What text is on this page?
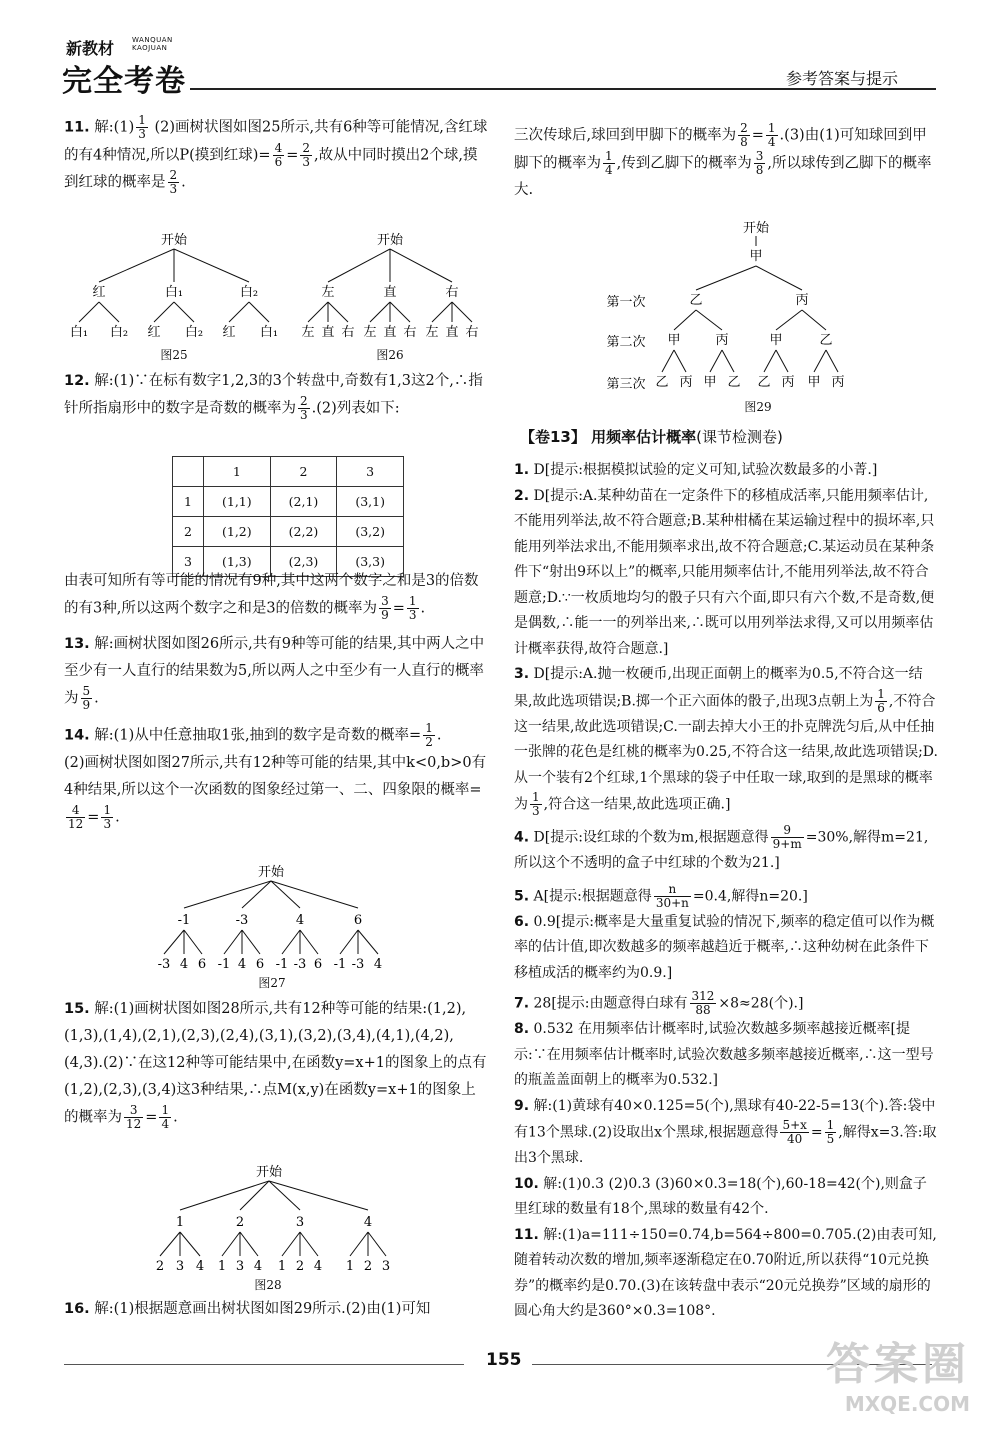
新教材	WANQUAN KAOJUAN
完全考卷	参考答案与提示

11. 解:(1) $\frac{1}{3} (2)$画树状图如图25所示,共有6种等可能情况,含红球的有4种情况,所以P(摸到红球)= $\frac{4}{6} = \frac{2}{3}$ ,故从中同时摸出2个球,摸到红球的概率是 $\frac{2}{3}$ .

开始
红	白₁	白₂
白₁ 白₂ 红 白₂ 红 白₁
图25
开始
左	直	右
左 直 右 左 直 右 左 直 右
图26

12. 解:(1)∵在标有数字1,2,3的3个转盘中,奇数有1,3这2个,∴指针所指扇形中的数字是奇数的概率为 $\frac{2}{3} .(2)$列表如下:

	1	2	3
1	(1,1)	(2,1)	(3,1)
2	(1,2)	(2,2)	(3,2)
3	(1,3)	(2,3)	(3,3)

由表可知所有等可能的情况有9种,其中这两个数字之和是3的倍数的有3种,所以这两个数字之和是3的倍数的概率为 $\frac{3}{9} = \frac{1}{3}$ .

13. 解:画树状图如图26所示,共有9种等可能的结果,其中两人之中至少有一人直行的结果数为5,所以两人之中至少有一人直行的概率为 $\frac{5}{9}$ .

14. 解:(1)从中任意抽取1张,抽到的数字是奇数的概率= $\frac{1}{2}$ .

(2)画树状图如图27所示,共有12种等可能的结果,其中k<0,b>0有4种结果,所以这个一次函数的图象经过第一、二、四象限的概率=
$\frac{4}{12} = \frac{1}{3}$ .

开始
-1	-3	4	6
-3 4 6 -1 4 6 -1 -3 6 -1 -3 4
图27

15. 解:(1)画树状图如图28所示,共有12种等可能的结果:(1,2),(1,3),(1,4),(2,1),(2,3),(2,4),(3,1),(3,2),(3,4),(4,1),(4,2),(4,3).(2)∵在这12种等可能结果中,在函数y=x+1的图象上的点有(1,2),(2,3),(3,4)这3种结果,∴点M(x,y)在函数y=x+1的图象上的概率为 $\frac{3}{12} = \frac{1}{4}$ .

开始
1	2	3	4
2 3 4 1 3 4 1 2 4 1 2 3
图28

16. 解:(1)根据题意画出树状图如图29所示.(2)由(1)可知

三次传球后,球回到甲脚下的概率为 $\frac{2}{8} = \frac{1}{4} .(3)$由(1)可知球回到甲脚下的概率为 $\frac{1}{4}$ ,传到乙脚下的概率为 $\frac{3}{8}$ ,所以球传到乙脚下的概率大.

开始
甲
第一次	乙	丙
第二次 甲	丙	甲	乙
第三次 乙 丙 甲 乙 乙 丙 甲 丙
图29
【卷13】 用频率估计概率(课节检测卷)

1. D[提示:根据模拟试验的定义可知,试验次数最多的小菁.]

2. D[提示:A.某种幼苗在一定条件下的移植成活率,只能用频率估计,不能用列举法,故不符合题意;B.某种柑橘在某运输过程中的损坏率,只能用列举法求出,不能用频率求出,故不符合题意;C.某运动员在某种条件下“射出9环以上”的概率,只能用频率估计,不能用列举法,故不符合题意;D.∵一枚质地均匀的骰子只有六个面,即只有六个数,不是奇数,便是偶数,∴能一一的列举出来,∴既可以用列举法求得,又可以用频率估计概率获得,故符合题意.]

3. D[提示:A.抛一枚硬币,出现正面朝上的概率为0.5,不符合这一结果,故此选项错误;B.掷一个正六面体的骰子,出现3点朝上为 $\frac{1}{6}$ ,不符合这一结果,故此选项错误;C.一副去掉大小王的扑克牌洗匀后,从中任抽一张牌的花色是红桃的概率为0.25,不符合这一结果,故此选项错误;D.从一个装有2个红球,1个黑球的袋子中任取一球,取到的是黑球的概率为 $\frac{1}{3}$ ,符合这一结果,故此选项正确.]

4. D[提示:设红球的个数为m,根据题意得 $\frac{9}{9+m} =30\%$,解得m=21,所以这个不透明的盒子中红球的个数为21.]

5. A[提示:根据题意得 $\frac{n}{30+n} =0.4$,解得n=20.]

6. 0.9[提示:概率是大量重复试验的情况下,频率的稳定值可以作为概率的估计值,即次数越多的频率越趋近于概率,∴这种幼树在此条件下移植成活的概率约为0.9.]

7. 28[提示:由题意得白球有 $\frac{312}{88} \times 8\approx 28$(个).]

8. 0.532 在用频率估计概率时,试验次数越多频率越接近概率[提示:∵在用频率估计概率时,试验次数越多频率越接近概率,∴这一型号的瓶盖盖面朝上的概率为0.532.]

9. 解:(1)黄球有40×0.125=5(个),黑球有40-22-5=13(个).答:袋中有13个黑球.(2)设取出x个黑球,根据题意得 $\frac{5+x}{40} = \frac{1}{5}$ ,解得x=3.答:取出3个黑球.

10. 解:(1)0.3 (2)0.3 (3)60×0.3=18(个),60-18=42(个),则盒子里红球的数量有18个,黑球的数量有42个.

11. 解:(1)a=111÷150=0.74,b=564÷800=0.705.(2)由表可知,随着转动次数的增加,频率逐渐稳定在0.70附近,所以获得“10元兑换券”的概率约是0.70.(3)在该转盘中表示“20元兑换券”区域的扇形的圆心角大约是360°×0.3=108°.

155	答案圈
MXQE.COM
